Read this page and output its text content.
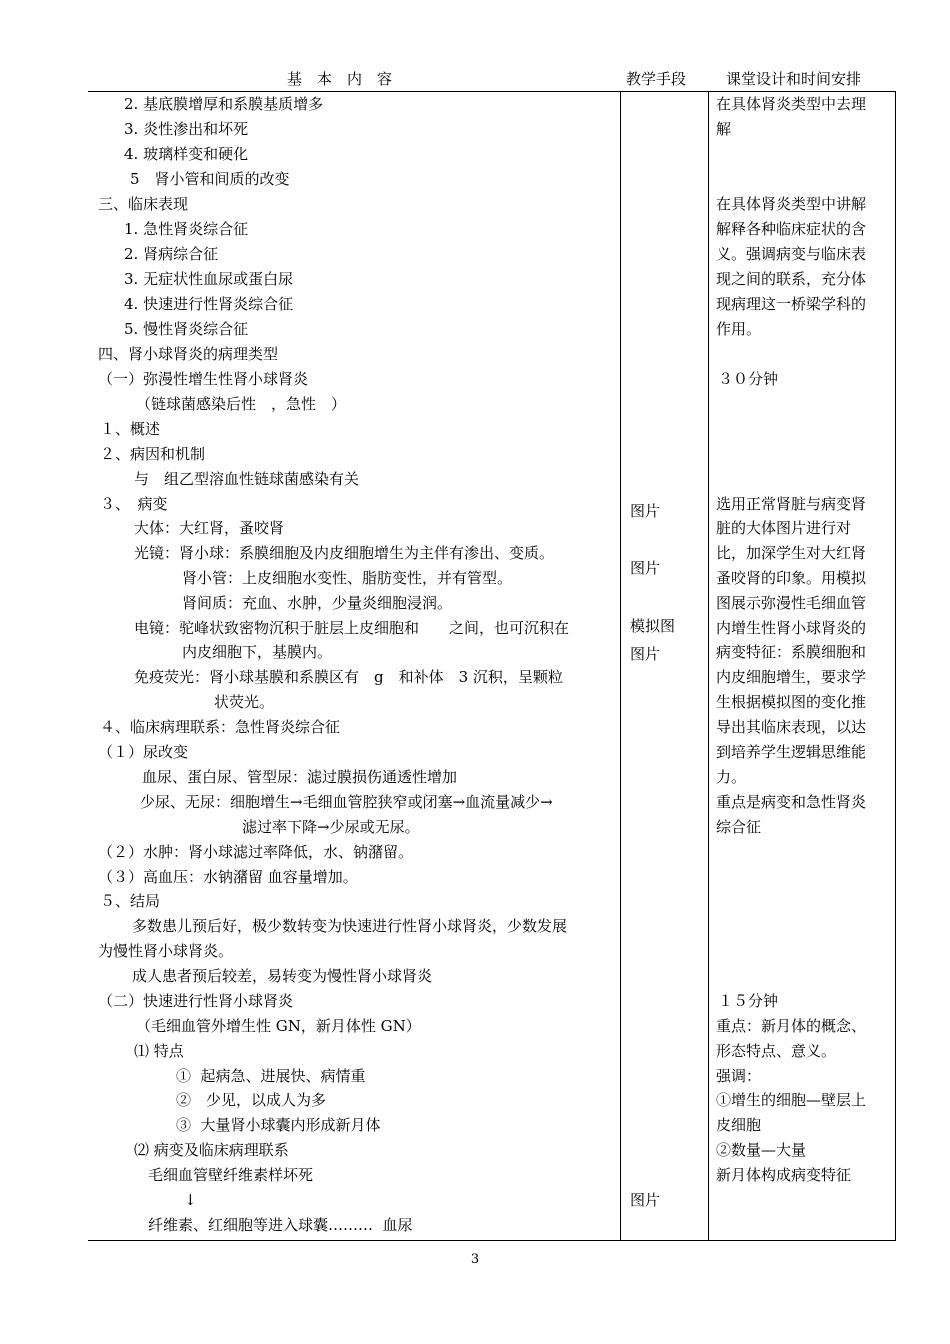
基　本　内　容	教学手段	课堂设计和时间安排
2. 基底膜增厚和系膜基质增多
3. 炎性渗出和坏死
4. 玻璃样变和硬化
5　肾小管和间质的改变
三、临床表现
1. 急性肾炎综合征
2. 肾病综合征
3. 无症状性血尿或蛋白尿
4. 快速进行性肾炎综合征
5. 慢性肾炎综合征
四、肾小球肾炎的病理类型
（一）弥漫性增生性肾小球肾炎
（链球菌感染后性　，急性　）
１、概述
２、病因和机制
与　组乙型溶血性链球菌感染有关
３、　病变
大体：大红肾，蚤咬肾
光镜：肾小球：系膜细胞及内皮细胞增生为主伴有渗出、变质。
肾小管：上皮细胞水变性、脂肪变性，并有管型。
肾间质：充血、水肿，少量炎细胞浸润。
电镜：驼峰状致密物沉积于脏层上皮细胞和　　之间，也可沉积在
内皮细胞下，基膜内。
免疫荧光：肾小球基膜和系膜区有　g　和补体　3 沉积，呈颗粒
状荧光。
４、临床病理联系：急性肾炎综合征
（１）尿改变
血尿、蛋白尿、管型尿：滤过膜损伤通透性增加
少尿、无尿：细胞增生→毛细血管腔狭窄或闭塞→血流量减少→
滤过率下降→少尿或无尿。
（２）水肿：肾小球滤过率降低，水、钠潴留。
（３）高血压：水钠潴留 血容量增加。
５、结局
多数患儿预后好，极少数转变为快速进行性肾小球肾炎，少数发展
为慢性肾小球肾炎。
成人患者预后较差，易转变为慢性肾小球肾炎
（二）快速进行性肾小球肾炎
（毛细血管外增生性 GN，新月体性 GN）
⑴ 特点
①  起病急、进展快、病情重
②　少见，以成人为多
③  大量肾小球囊内形成新月体
⑵ 病变及临床病理联系
毛细血管壁纤维素样坏死
↓
纤维素、红细胞等进入球囊………  血尿
图片
图片
模拟图
图片
图片
在具体肾炎类型中去理
解
在具体肾炎类型中讲解
解释各种临床症状的含
义。强调病变与临床表
现之间的联系，充分体
现病理这一桥梁学科的
作用。
３０分钟
选用正常肾脏与病变肾
脏的大体图片进行对
比，加深学生对大红肾
蚤咬肾的印象。用模拟
图展示弥漫性毛细血管
内增生性肾小球肾炎的
病变特征：系膜细胞和
内皮细胞增生，要求学
生根据模拟图的变化推
导出其临床表现，以达
到培养学生逻辑思维能
力。
重点是病变和急性肾炎
综合征
１５分钟
重点：新月体的概念、
形态特点、意义。
强调：
①增生的细胞—壁层上
皮细胞
②数量—大量
新月体构成病变特征
3
